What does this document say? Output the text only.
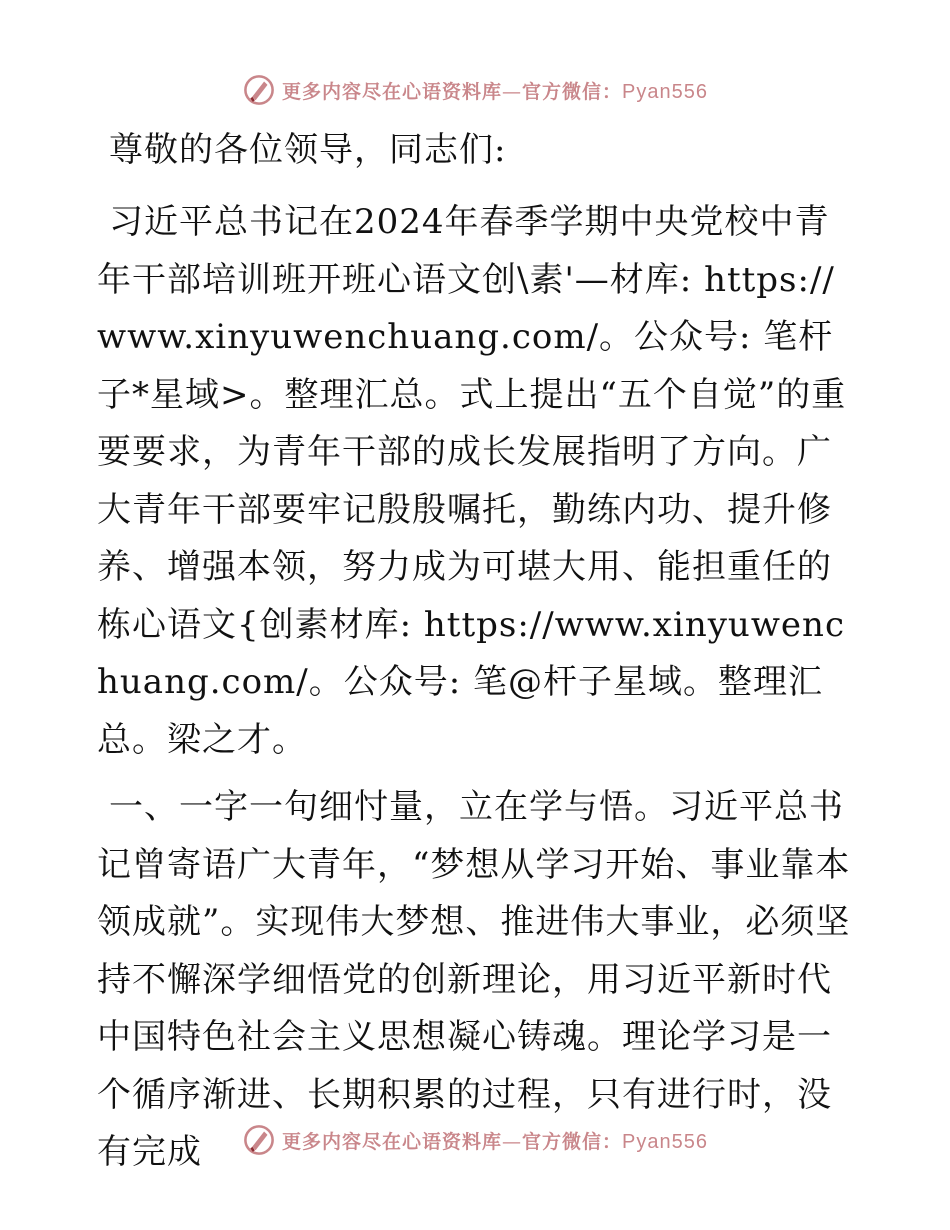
更多内容尽在心语资料库—官方微信：Pyan556

尊敬的各位领导，同志们:

习近平总书记在2024年春季学期中央党校中青年干部培训班开班心语文创\素'—材库: https://www.xinyuwenchuang.com/。公众号: 笔杆子*星域>。整理汇总。式上提出“五个自觉”的重要要求，为青年干部的成长发展指明了方向。广大青年干部要牢记殷殷嘱托，勤练内功、提升修养、增强本领，努力成为可堪大用、能担重任的栋心语文{创素材库: https://www.xinyuwenchuang.com/。公众号: 笔@杆子星域。整理汇总。梁之才。

一、一字一句细忖量，立在学与悟。习近平总书记曾寄语广大青年，“梦想从学习开始、事业靠本领成就”。实现伟大梦想、推进伟大事业，必须坚持不懈深学细悟党的创新理论，用习近平新时代中国特色社会主义思想凝心铸魂。理论学习是一个循序渐进、长期积累的过程，只有进行时，没有完成	更多内容尽在心语资料库—官方微信：Pyan556
